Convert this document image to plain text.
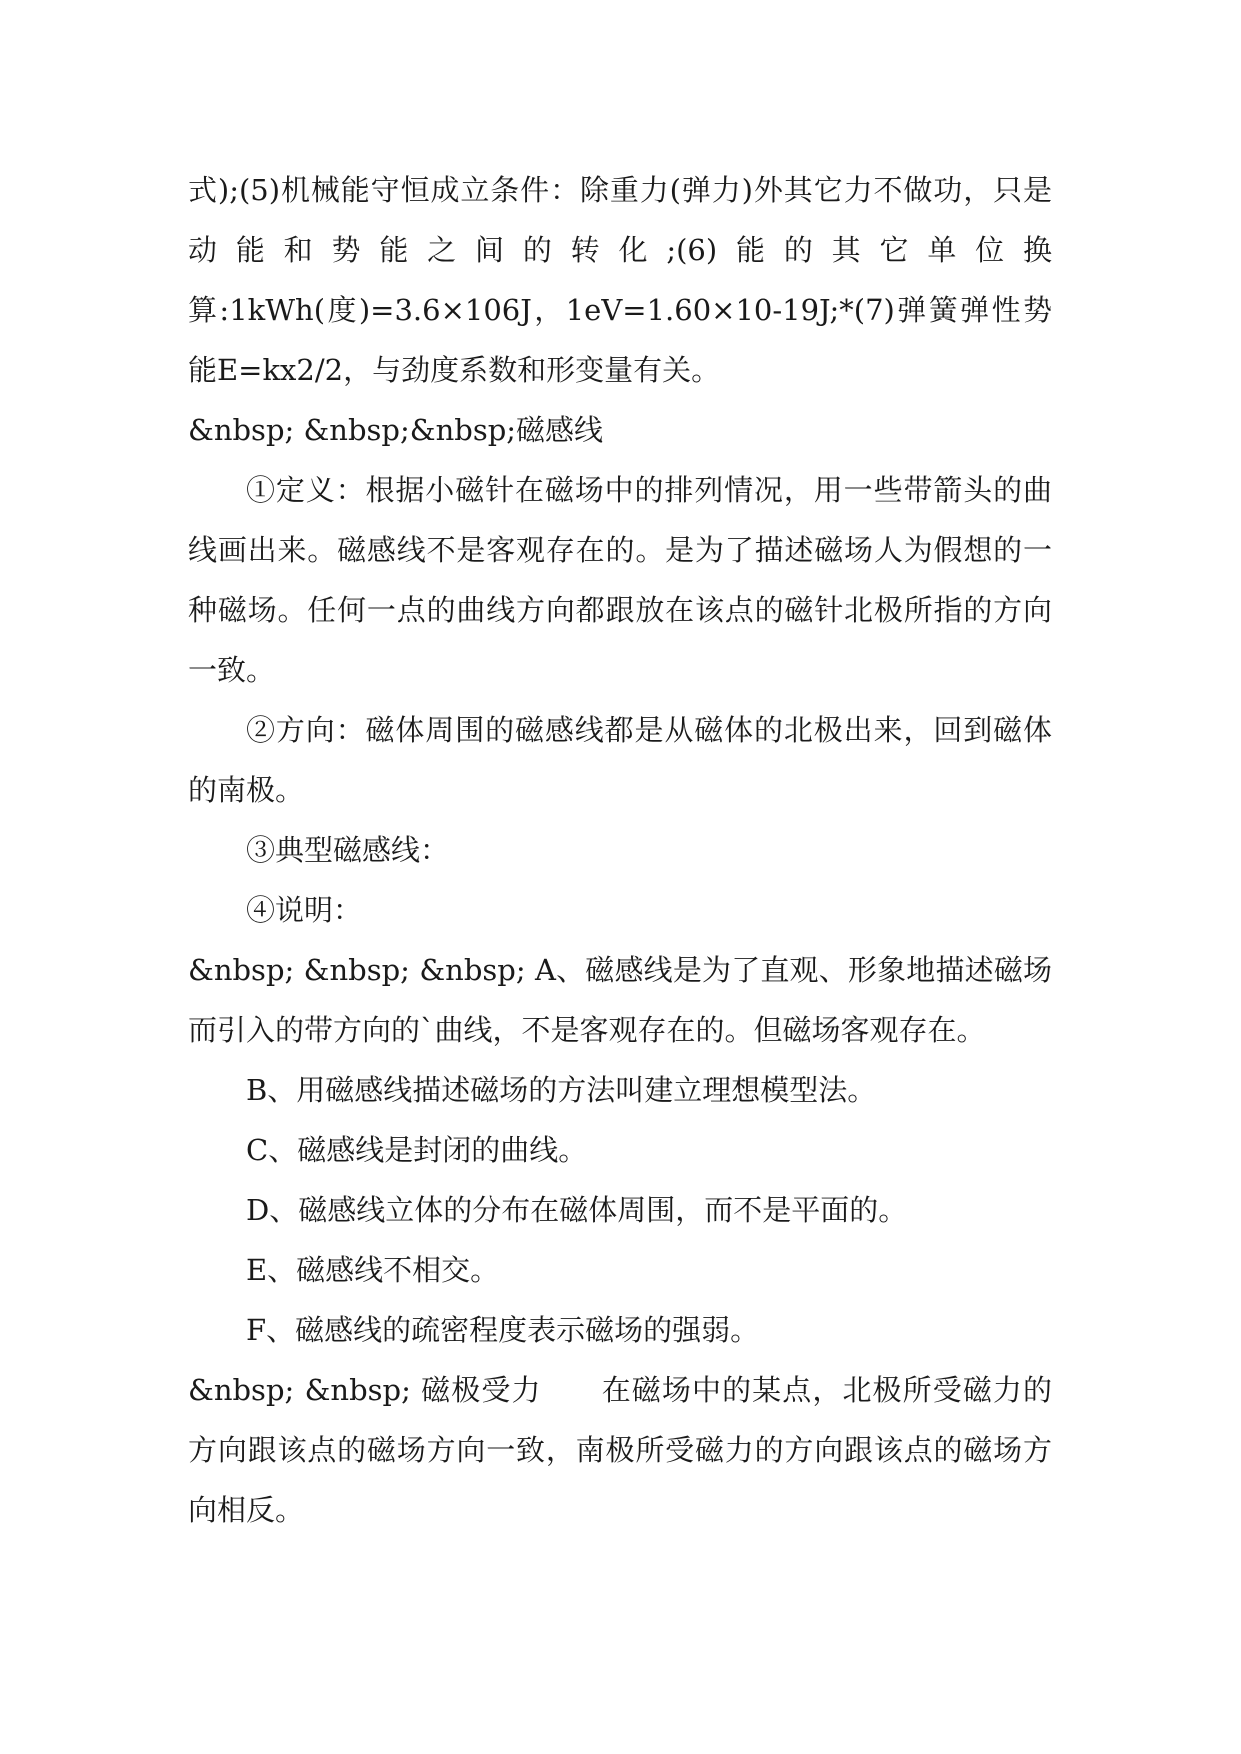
式);(5)机械能守恒成立条件：除重力(弹力)外其它力不做功，只是动能和势能之间的转化;(6)能的其它单位换算:1kWh(度)=3.6×106J，1eV=1.60×10-19J;*(7)弹簧弹性势能E=kx2/2，与劲度系数和形变量有关。

&nbsp; &nbsp;&nbsp;磁感线

①定义：根据小磁针在磁场中的排列情况，用一些带箭头的曲线画出来。磁感线不是客观存在的。是为了描述磁场人为假想的一种磁场。任何一点的曲线方向都跟放在该点的磁针北极所指的方向一致。

②方向：磁体周围的磁感线都是从磁体的北极出来，回到磁体的南极。

③典型磁感线：

④说明：

&nbsp; &nbsp; &nbsp; A、磁感线是为了直观、形象地描述磁场而引入的带方向的`曲线，不是客观存在的。但磁场客观存在。

B、用磁感线描述磁场的方法叫建立理想模型法。

C、磁感线是封闭的曲线。

D、磁感线立体的分布在磁体周围，而不是平面的。

E、磁感线不相交。

F、磁感线的疏密程度表示磁场的强弱。

&nbsp; &nbsp; 磁极受力　　在磁场中的某点，北极所受磁力的方向跟该点的磁场方向一致，南极所受磁力的方向跟该点的磁场方向相反。
